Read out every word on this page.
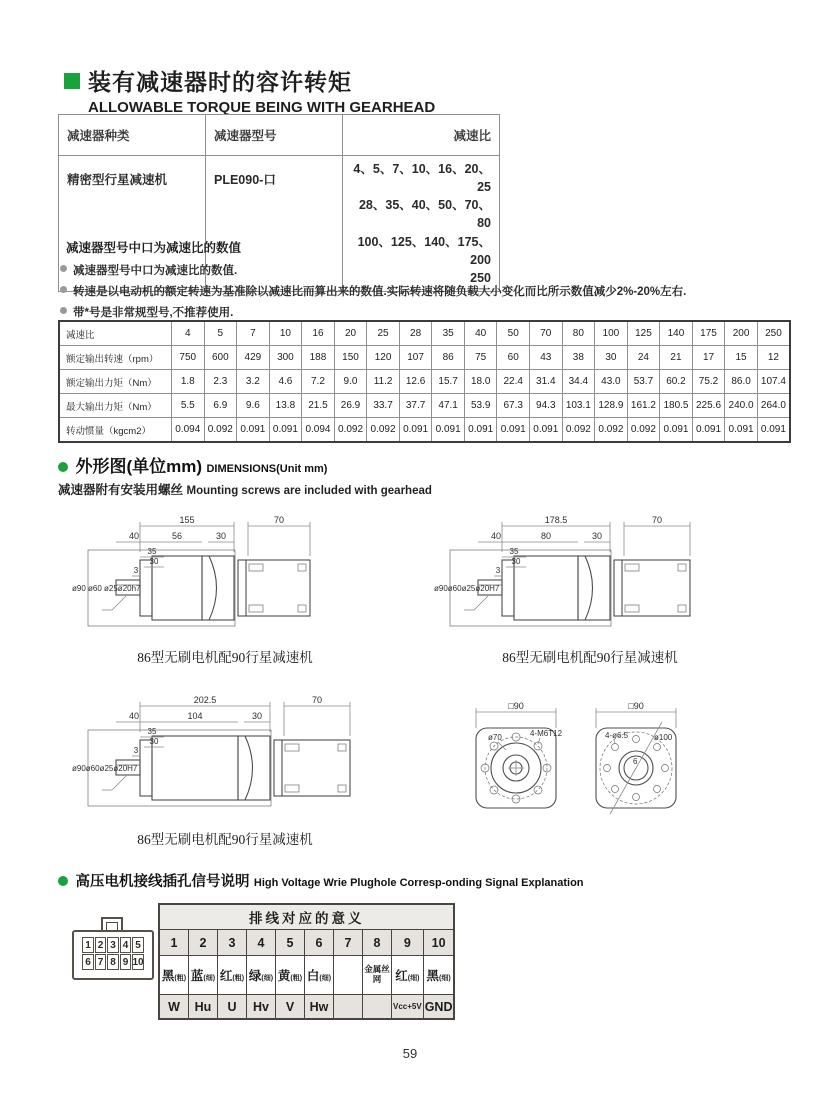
装有减速器时的容许转矩
ALLOWABLE TORQUE BEING WITH GEARHEAD
减速器种类	减速器型号	减速比
精密型行星减速机	PLE090-口	4、5、7、10、16、20、25
28、35、40、50、70、80
100、125、140、175、200
250
减速器型号中口为减速比的数值
减速器型号中口为减速比的数值.
转速是以电动机的额定转速为基准除以减速比而算出来的数值.实际转速将随负载大小变化而比所示数值减少2%-20%左右.
带*号是非常规型号,不推荐使用.
减速比	4	5	7	10	16	20	25	28	35	40	50	70	80	100	125	140	175	200	250
额定输出转速（rpm）	750	600	429	300	188	150	120	107	86	75	60	43	38	30	24	21	17	15	12
额定输出力矩（Nm）	1.8	2.3	3.2	4.6	7.2	9.0	11.2	12.6	15.7	18.0	22.4	31.4	34.4	43.0	53.7	60.2	75.2	86.0	107.4
最大输出力矩（Nm）	5.5	6.9	9.6	13.8	21.5	26.9	33.7	37.7	47.1	53.9	67.3	94.3	103.1	128.9	161.2	180.5	225.6	240.0	264.0
转动惯量（kgcm2）	0.094	0.092	0.091	0.091	0.094	0.092	0.092	0.091	0.091	0.091	0.091	0.091	0.092	0.092	0.092	0.091	0.091	0.091	0.091
外形图(单位mm) DIMENSIONS(Unit mm)
减速器附有安装用螺丝 Mounting screws are included with gearhead
155	70
40	56	30
35
30
3
ø90 ø60 ø25ø20h7
86型无刷电机配90行星减速机
178.5	70
40	80	30
35
30
3
ø90ø60ø25ø20H7
86型无刷电机配90行星减速机
202.5	70
40	104	30
35
30
3
ø90ø60ø25ø20H7
86型无刷电机配90行星减速机
□90
ø70	4-M6T12
□90
4-ø6.5	ø100
6
高压电机接线插孔信号说明 High Voltage Wrie Plughole Corresp-onding Signal Explanation
1 2 3 4 5
6 7 8 9 10
排线对应的意义									
1	2	3	4	5	6	7	8	9	10
黑(粗)	蓝(细)	红(粗)	绿(细)	黄(粗)	白(细)		金属丝网	红(细)	黑(细)
W	Hu	U	Hv	V	Hw			Vcc+5V	GND
59
